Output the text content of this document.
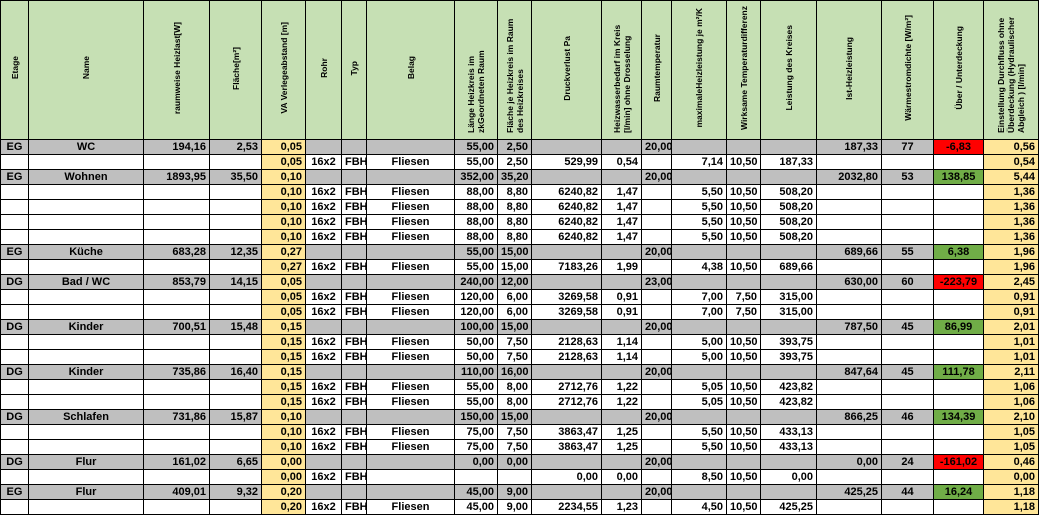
Etage	Name	raumweise Heizlast[W]	Fläche[m²]	VA Verlegeabstand [m]	Rohr	Typ	Belag	Länge Heizkreis im zkGeordneten Raum	Fläche je Heizkreis im Raum des Heizkreises	Druckverlust Pa	Heizwasserbedarf im Kreis [l/min] ohne Drosselung	Raumtemperatur	maximaleHeizleistung je m²/K	Wirksame Temperaturdifferenz	Leistung des Kreises	Ist-Heizleistung	Wärmestromdichte [W/m²]	Über / Unterdeckung	Einstellung Durchfluss ohne Überdeckung (Hydraulischer Abgleich ) [l/min]
EG	WC	194,16	2,53	0,05				55,00	2,50			20,00				187,33	77	-6,83	0,56
				0,05	16x2	FBH	Fliesen	55,00	2,50	529,99	0,54		7,14	10,50	187,33				0,54
EG	Wohnen	1893,95	35,50	0,10				352,00	35,20			20,00				2032,80	53	138,85	5,44
				0,10	16x2	FBH	Fliesen	88,00	8,80	6240,82	1,47		5,50	10,50	508,20				1,36
				0,10	16x2	FBH	Fliesen	88,00	8,80	6240,82	1,47		5,50	10,50	508,20				1,36
				0,10	16x2	FBH	Fliesen	88,00	8,80	6240,82	1,47		5,50	10,50	508,20				1,36
				0,10	16x2	FBH	Fliesen	88,00	8,80	6240,82	1,47		5,50	10,50	508,20				1,36
EG	Küche	683,28	12,35	0,27				55,00	15,00			20,00				689,66	55	6,38	1,96
				0,27	16x2	FBH	Fliesen	55,00	15,00	7183,26	1,99		4,38	10,50	689,66				1,96
DG	Bad / WC	853,79	14,15	0,05				240,00	12,00			23,00				630,00	60	-223,79	2,45
				0,05	16x2	FBH	Fliesen	120,00	6,00	3269,58	0,91		7,00	7,50	315,00				0,91
				0,05	16x2	FBH	Fliesen	120,00	6,00	3269,58	0,91		7,00	7,50	315,00				0,91
DG	Kinder	700,51	15,48	0,15				100,00	15,00			20,00				787,50	45	86,99	2,01
				0,15	16x2	FBH	Fliesen	50,00	7,50	2128,63	1,14		5,00	10,50	393,75				1,01
				0,15	16x2	FBH	Fliesen	50,00	7,50	2128,63	1,14		5,00	10,50	393,75				1,01
DG	Kinder	735,86	16,40	0,15				110,00	16,00			20,00				847,64	45	111,78	2,11
				0,15	16x2	FBH	Fliesen	55,00	8,00	2712,76	1,22		5,05	10,50	423,82				1,06
				0,15	16x2	FBH	Fliesen	55,00	8,00	2712,76	1,22		5,05	10,50	423,82				1,06
DG	Schlafen	731,86	15,87	0,10				150,00	15,00			20,00				866,25	46	134,39	2,10
				0,10	16x2	FBH	Fliesen	75,00	7,50	3863,47	1,25		5,50	10,50	433,13				1,05
				0,10	16x2	FBH	Fliesen	75,00	7,50	3863,47	1,25		5,50	10,50	433,13				1,05
DG	Flur	161,02	6,65	0,00				0,00	0,00			20,00				0,00	24	-161,02	0,46
				0,00	16x2	FBH				0,00	0,00		8,50	10,50	0,00				0,00
EG	Flur	409,01	9,32	0,20				45,00	9,00			20,00				425,25	44	16,24	1,18
				0,20	16x2	FBH	Fliesen	45,00	9,00	2234,55	1,23		4,50	10,50	425,25				1,18
